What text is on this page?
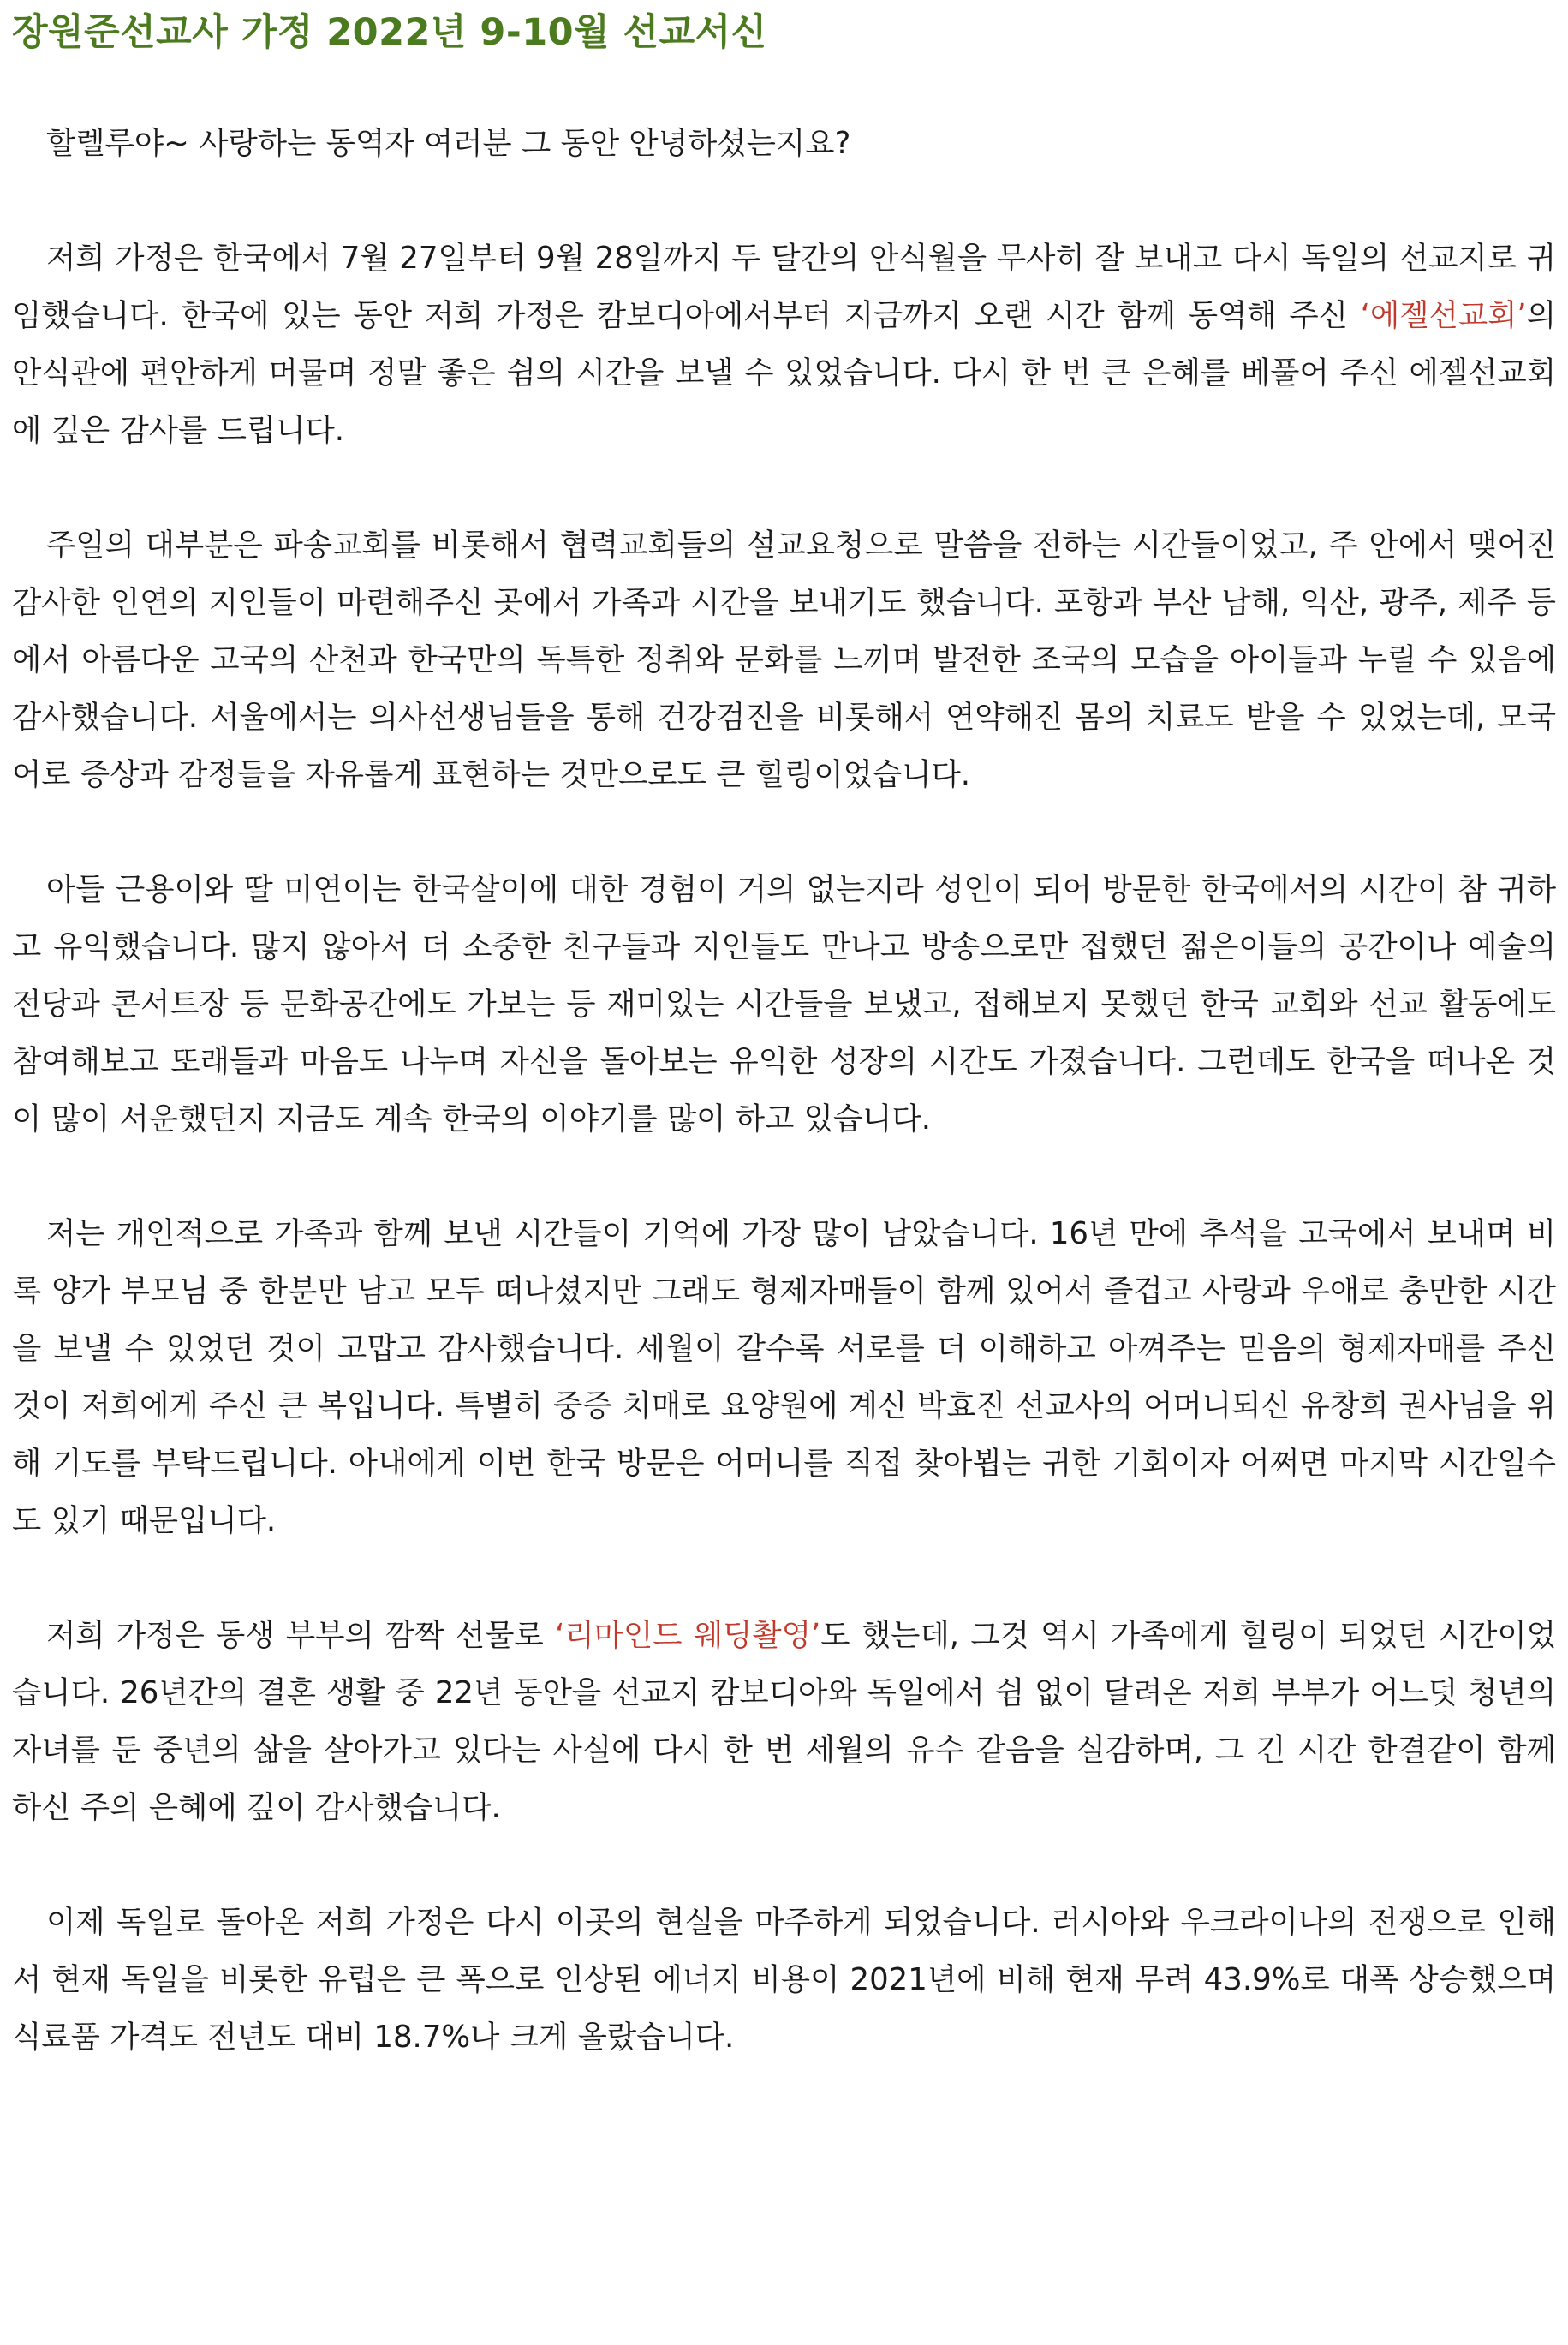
장원준선교사 가정 2022년 9-10월 선교서신

할렐루야~ 사랑하는 동역자 여러분 그 동안 안녕하셨는지요?

저희 가정은 한국에서 7월 27일부터 9월 28일까지 두 달간의 안식월을 무사히 잘 보내고 다시 독일의 선교지로 귀임했습니다. 한국에 있는 동안 저희 가정은 캄보디아에서부터 지금까지 오랜 시간 함께 동역해 주신 ‘에젤선교회’의 안식관에 편안하게 머물며 정말 좋은 쉼의 시간을 보낼 수 있었습니다. 다시 한 번 큰 은혜를 베풀어 주신 에젤선교회에 깊은 감사를 드립니다.

주일의 대부분은 파송교회를 비롯해서 협력교회들의 설교요청으로 말씀을 전하는 시간들이었고, 주 안에서 맺어진 감사한 인연의 지인들이 마련해주신 곳에서 가족과 시간을 보내기도 했습니다. 포항과 부산 남해, 익산, 광주, 제주 등에서 아름다운 고국의 산천과 한국만의 독특한 정취와 문화를 느끼며 발전한 조국의 모습을 아이들과 누릴 수 있음에 감사했습니다. 서울에서는 의사선생님들을 통해 건강검진을 비롯해서 연약해진 몸의 치료도 받을 수 있었는데, 모국어로 증상과 감정들을 자유롭게 표현하는 것만으로도 큰 힐링이었습니다.

아들 근용이와 딸 미연이는 한국살이에 대한 경험이 거의 없는지라 성인이 되어 방문한 한국에서의 시간이 참 귀하고 유익했습니다. 많지 않아서 더 소중한 친구들과 지인들도 만나고 방송으로만 접했던 젊은이들의 공간이나 예술의 전당과 콘서트장 등 문화공간에도 가보는 등 재미있는 시간들을 보냈고, 접해보지 못했던 한국 교회와 선교 활동에도 참여해보고 또래들과 마음도 나누며 자신을 돌아보는 유익한 성장의 시간도 가졌습니다. 그런데도 한국을 떠나온 것이 많이 서운했던지 지금도 계속 한국의 이야기를 많이 하고 있습니다.

저는 개인적으로 가족과 함께 보낸 시간들이 기억에 가장 많이 남았습니다. 16년 만에 추석을 고국에서 보내며 비록 양가 부모님 중 한분만 남고 모두 떠나셨지만 그래도 형제자매들이 함께 있어서 즐겁고 사랑과 우애로 충만한 시간을 보낼 수 있었던 것이 고맙고 감사했습니다. 세월이 갈수록 서로를 더 이해하고 아껴주는 믿음의 형제자매를 주신 것이 저희에게 주신 큰 복입니다. 특별히 중증 치매로 요양원에 계신 박효진 선교사의 어머니되신 유창희 권사님을 위해 기도를 부탁드립니다. 아내에게 이번 한국 방문은 어머니를 직접 찾아뵙는 귀한 기회이자 어쩌면 마지막 시간일수도 있기 때문입니다.

저희 가정은 동생 부부의 깜짝 선물로 ‘리마인드 웨딩촬영’도 했는데, 그것 역시 가족에게 힐링이 되었던 시간이었습니다. 26년간의 결혼 생활 중 22년 동안을 선교지 캄보디아와 독일에서 쉼 없이 달려온 저희 부부가 어느덧 청년의 자녀를 둔 중년의 삶을 살아가고 있다는 사실에 다시 한 번 세월의 유수 같음을 실감하며, 그 긴 시간 한결같이 함께 하신 주의 은혜에 깊이 감사했습니다.

이제 독일로 돌아온 저희 가정은 다시 이곳의 현실을 마주하게 되었습니다. 러시아와 우크라이나의 전쟁으로 인해서 현재 독일을 비롯한 유럽은 큰 폭으로 인상된 에너지 비용이 2021년에 비해 현재 무려 43.9%로 대폭 상승했으며 식료품 가격도 전년도 대비 18.7%나 크게 올랐습니다.
